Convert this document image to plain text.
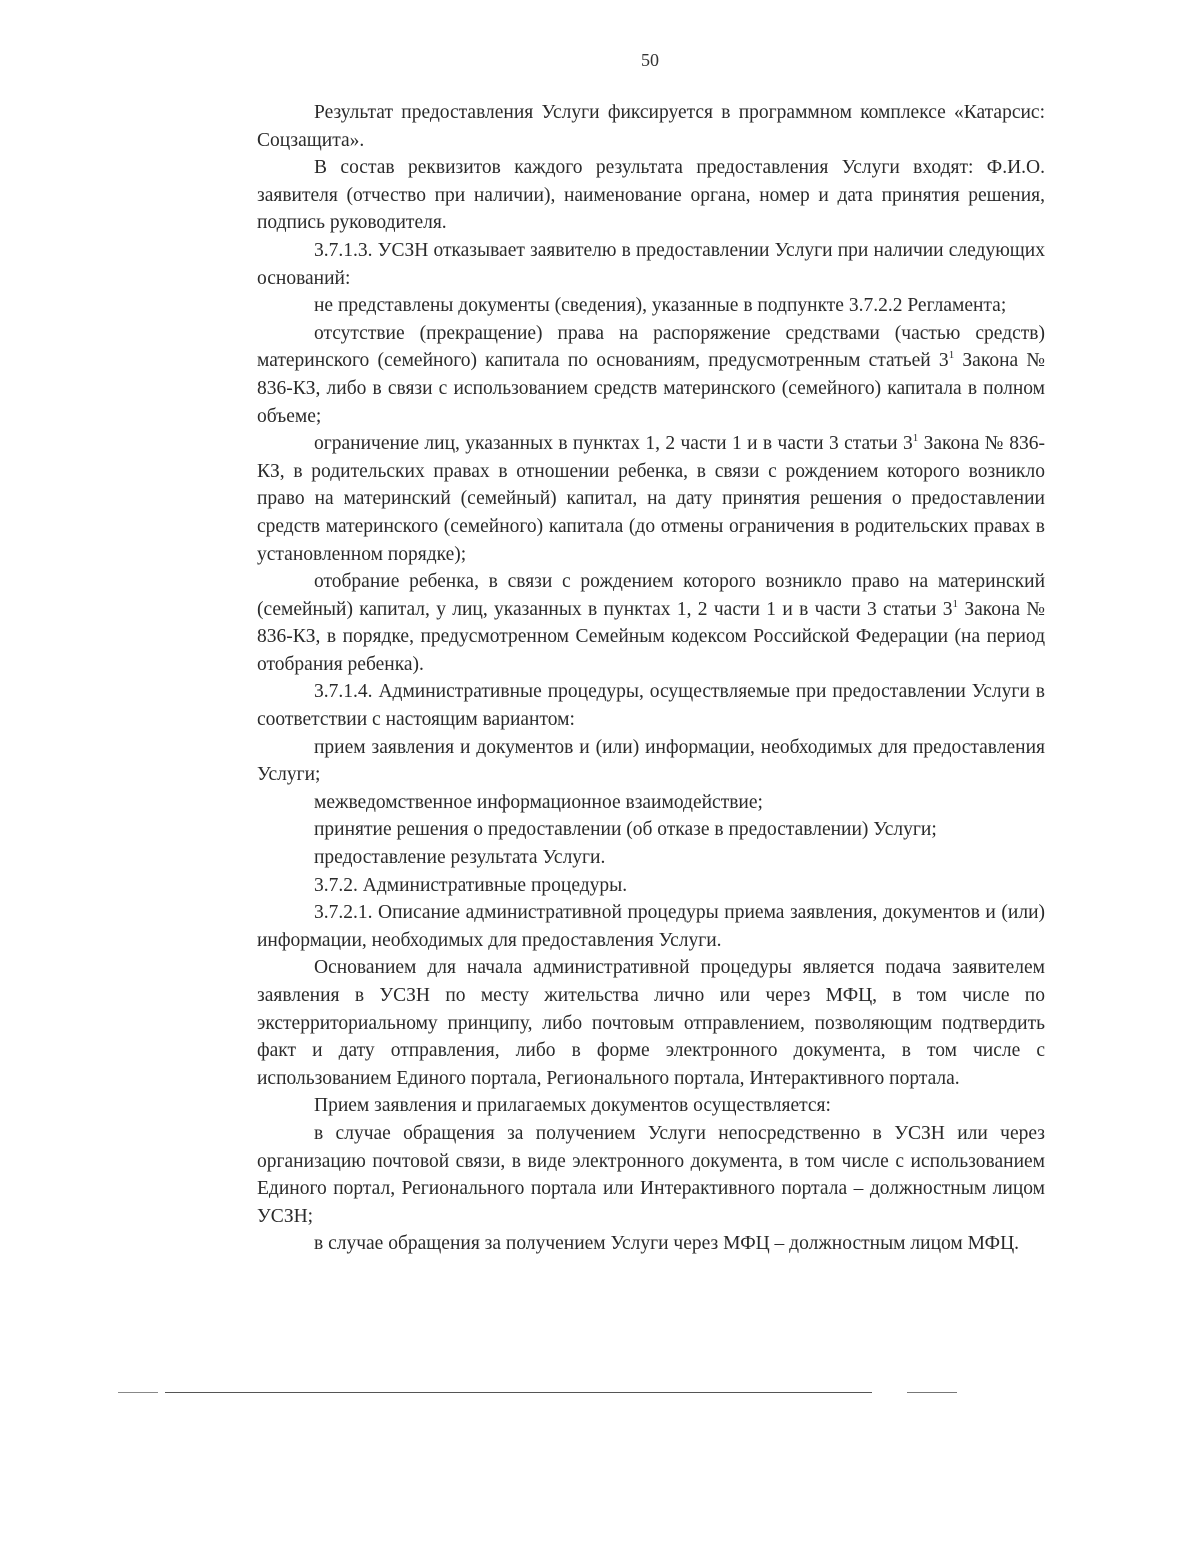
50

Результат предоставления Услуги фиксируется в программном комплексе «Катарсис: Соцзащита».

В состав реквизитов каждого результата предоставления Услуги входят: Ф.И.О. заявителя (отчество при наличии), наименование органа, номер и дата принятия решения, подпись руководителя.

3.7.1.3. УСЗН отказывает заявителю в предоставлении Услуги при наличии следующих оснований:

не представлены документы (сведения), указанные в подпункте 3.7.2.2 Регламента;

отсутствие (прекращение) права на распоряжение средствами (частью средств) материнского (семейного) капитала по основаниям, предусмотренным статьей $3^1$ Закона № 836-КЗ, либо в связи с использованием средств материнского (семейного) капитала в полном объеме;

ограничение лиц, указанных в пунктах 1, 2 части 1 и в части 3 статьи $3^1$ Закона № 836-КЗ, в родительских правах в отношении ребенка, в связи с рождением которого возникло право на материнский (семейный) капитал, на дату принятия решения о предоставлении средств материнского (семейного) капитала (до отмены ограничения в родительских правах в установленном порядке);

отобрание ребенка, в связи с рождением которого возникло право на материнский (семейный) капитал, у лиц, указанных в пунктах 1, 2 части 1 и в части 3 статьи $3^1$ Закона № 836-КЗ, в порядке, предусмотренном Семейным кодексом Российской Федерации (на период отобрания ребенка).

3.7.1.4. Административные процедуры, осуществляемые при предоставлении Услуги в соответствии с настоящим вариантом:

прием заявления и документов и (или) информации, необходимых для предоставления Услуги;

межведомственное информационное взаимодействие;

принятие решения о предоставлении (об отказе в предоставлении) Услуги;

предоставление результата Услуги.

3.7.2. Административные процедуры.

3.7.2.1. Описание административной процедуры приема заявления, документов и (или) информации, необходимых для предоставления Услуги.

Основанием для начала административной процедуры является подача заявителем заявления в УСЗН по месту жительства лично или через МФЦ, в том числе по экстерриториальному принципу, либо почтовым отправлением, позволяющим подтвердить факт и дату отправления, либо в форме электронного документа, в том числе с использованием Единого портала, Регионального портала, Интерактивного портала.

Прием заявления и прилагаемых документов осуществляется:

в случае обращения за получением Услуги непосредственно в УСЗН или через организацию почтовой связи, в виде электронного документа, в том числе с использованием Единого портал, Регионального портала или Интерактивного портала – должностным лицом УСЗН;

в случае обращения за получением Услуги через МФЦ – должностным лицом МФЦ.
